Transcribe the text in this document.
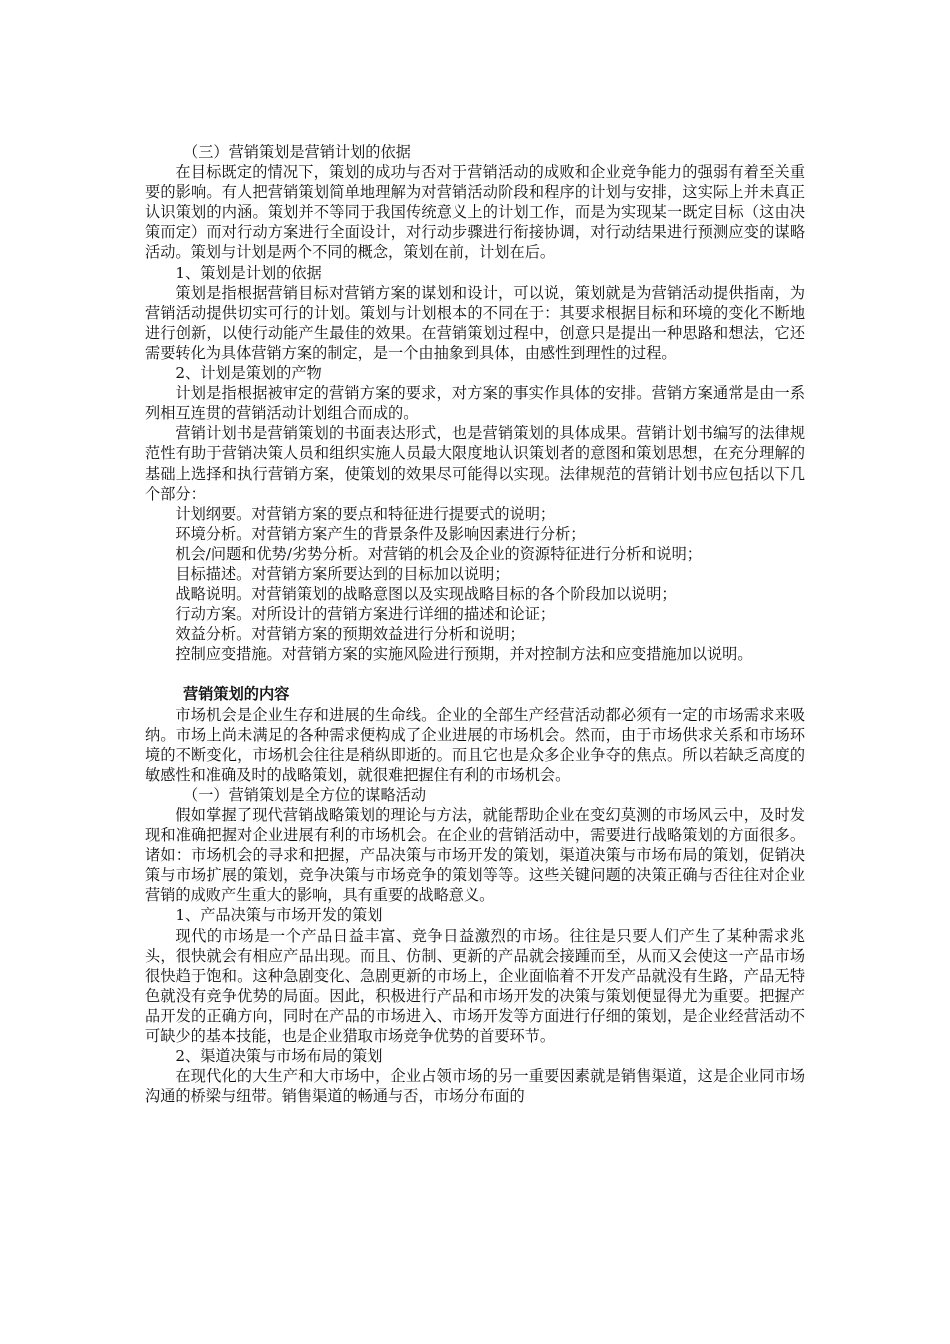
（三）营销策划是营销计划的依据

在目标既定的情况下，策划的成功与否对于营销活动的成败和企业竞争能力的强弱有着至关重要的影响。有人把营销策划简单地理解为对营销活动阶段和程序的计划与安排，这实际上并未真正认识策划的内涵。策划并不等同于我国传统意义上的计划工作，而是为实现某一既定目标（这由决策而定）而对行动方案进行全面设计，对行动步骤进行衔接协调，对行动结果进行预测应变的谋略活动。策划与计划是两个不同的概念，策划在前，计划在后。

1、策划是计划的依据

策划是指根据营销目标对营销方案的谋划和设计，可以说，策划就是为营销活动提供指南，为营销活动提供切实可行的计划。策划与计划根本的不同在于：其要求根据目标和环境的变化不断地进行创新，以使行动能产生最佳的效果。在营销策划过程中，创意只是提出一种思路和想法，它还需要转化为具体营销方案的制定，是一个由抽象到具体，由感性到理性的过程。

2、计划是策划的产物

计划是指根据被审定的营销方案的要求，对方案的事实作具体的安排。营销方案通常是由一系列相互连贯的营销活动计划组合而成的。

营销计划书是营销策划的书面表达形式，也是营销策划的具体成果。营销计划书编写的法律规范性有助于营销决策人员和组织实施人员最大限度地认识策划者的意图和策划思想，在充分理解的基础上选择和执行营销方案，使策划的效果尽可能得以实现。法律规范的营销计划书应包括以下几个部分：

计划纲要。对营销方案的要点和特征进行提要式的说明；

环境分析。对营销方案产生的背景条件及影响因素进行分析；

机会/问题和优势/劣势分析。对营销的机会及企业的资源特征进行分析和说明；

目标描述。对营销方案所要达到的目标加以说明；

战略说明。对营销策划的战略意图以及实现战略目标的各个阶段加以说明；

行动方案。对所设计的营销方案进行详细的描述和论证；

效益分析。对营销方案的预期效益进行分析和说明；

控制应变措施。对营销方案的实施风险进行预期，并对控制方法和应变措施加以说明。

营销策划的内容

市场机会是企业生存和进展的生命线。企业的全部生产经营活动都必须有一定的市场需求来吸纳。市场上尚未满足的各种需求便构成了企业进展的市场机会。然而，由于市场供求关系和市场环境的不断变化，市场机会往往是稍纵即逝的。而且它也是众多企业争夺的焦点。所以若缺乏高度的敏感性和准确及时的战略策划，就很难把握住有利的市场机会。

（一）营销策划是全方位的谋略活动

假如掌握了现代营销战略策划的理论与方法，就能帮助企业在变幻莫测的市场风云中，及时发现和准确把握对企业进展有利的市场机会。在企业的营销活动中，需要进行战略策划的方面很多。诸如：市场机会的寻求和把握，产品决策与市场开发的策划，渠道决策与市场布局的策划，促销决策与市场扩展的策划，竞争决策与市场竞争的策划等等。这些关键问题的决策正确与否往往对企业营销的成败产生重大的影响，具有重要的战略意义。

1、产品决策与市场开发的策划

现代的市场是一个产品日益丰富、竞争日益激烈的市场。往往是只要人们产生了某种需求兆头，很快就会有相应产品出现。而且、仿制、更新的产品就会接踵而至，从而又会使这一产品市场很快趋于饱和。这种急剧变化、急剧更新的市场上，企业面临着不开发产品就没有生路，产品无特色就没有竞争优势的局面。因此，积极进行产品和市场开发的决策与策划便显得尤为重要。把握产品开发的正确方向，同时在产品的市场进入、市场开发等方面进行仔细的策划，是企业经营活动不可缺少的基本技能，也是企业猎取市场竞争优势的首要环节。

2、渠道决策与市场布局的策划

在现代化的大生产和大市场中，企业占领市场的另一重要因素就是销售渠道，这是企业同市场沟通的桥梁与纽带。销售渠道的畅通与否，市场分布面的
